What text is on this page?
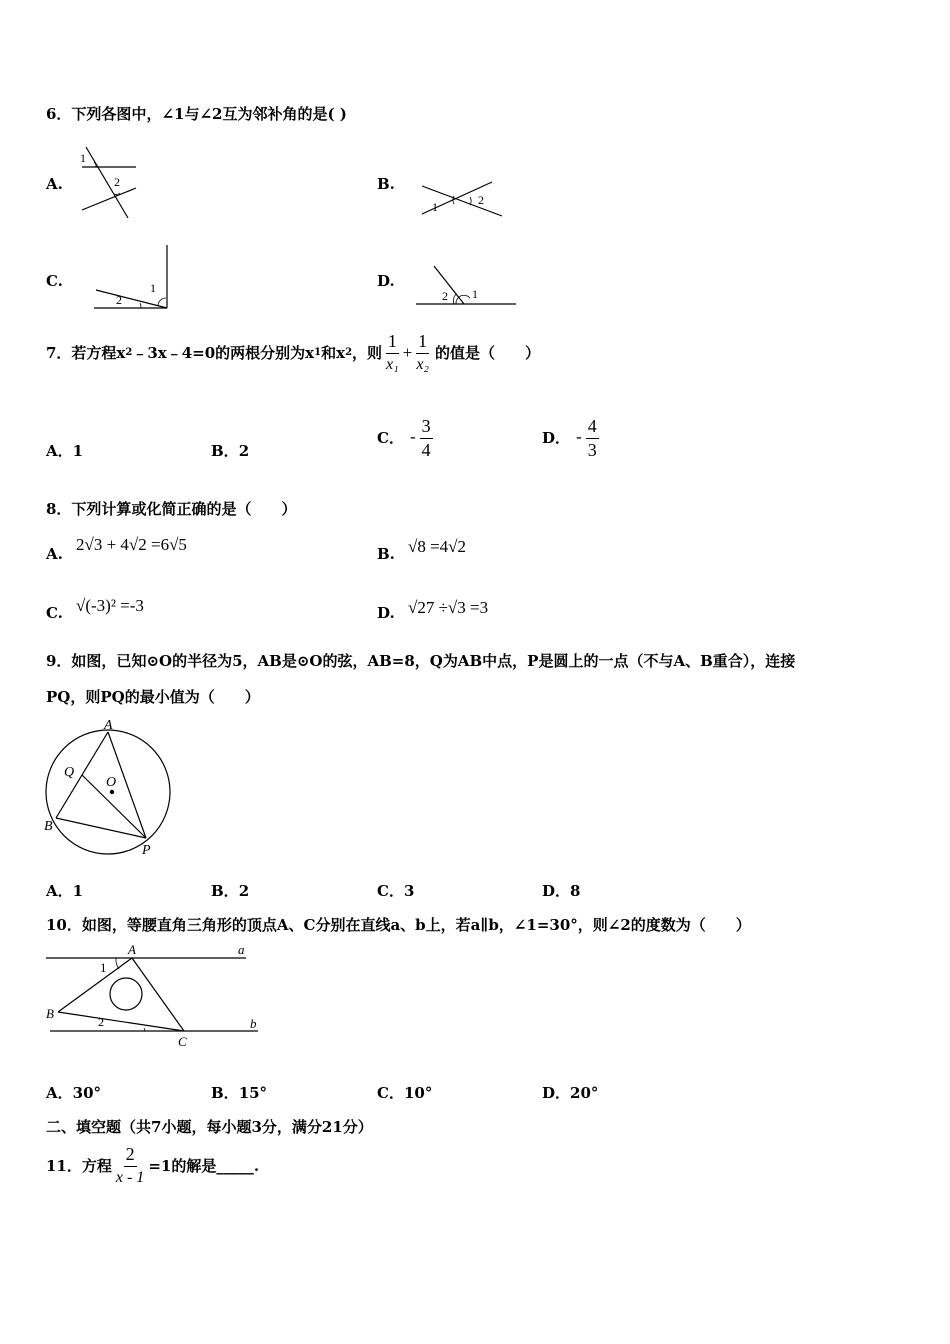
6．下列各图中，∠1与∠2互为邻补角的是( )
A.
1
2	B.
1	2
C.	1
2
D.
1
2
7．若方程x 2 ﹣3x﹣4=0的两根分别为x 1 和x 2 ，则 $\frac{1}{\text{x₁}} + \frac{1}{\text{x₂}}$ 的值是（　　）
A．1	B．2
C． - $\frac{3}{4}$	D． - $\frac{4}{3}$
8．下列计算或化简正确的是（　　）
A. 2√3 + 4√2 =6√5	B. √8 =4√2
C. √(-3)² =-3	D. √27 ÷√3 =3
9．如图，已知⊙O的半径为5，AB是⊙O的弦，AB=8，Q为AB中点，P是圆上的一点（不与A、B重合），连接
PQ，则PQ的最小值为（　　）
A
Q
O
B
P
A．1	B．2	C．3	D．8
10．如图，等腰直角三角形的顶点A、C分别在直线a、b上，若a∥b，∠1=30°，则∠2的度数为（　　）
A	a
1
B
2
C
b
A．30°	B．15°	C．10°	D．20°
二、填空题（共7小题，每小题3分，满分21分）
11．方程 $\frac{2}{x - 1} =1$的解是_____.
